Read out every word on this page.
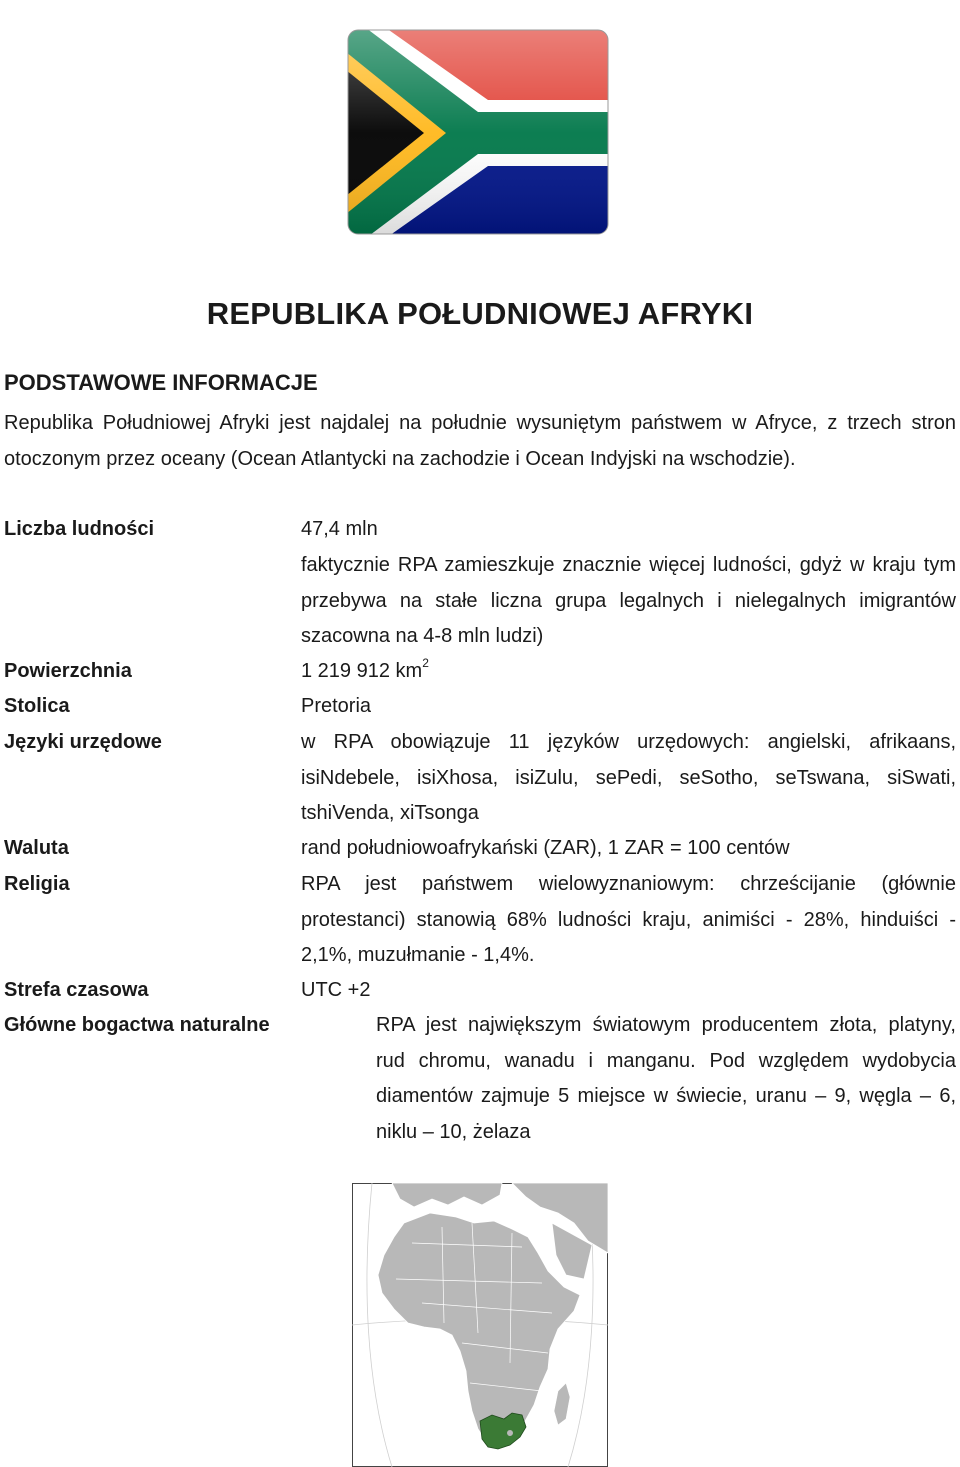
REPUBLIKA POŁUDNIOWEJ AFRYKI
PODSTAWOWE INFORMACJE
Republika Południowej Afryki jest najdalej na południe wysuniętym państwem w Afryce, z trzech stron otoczonym przez oceany (Ocean Atlantycki na zachodzie i Ocean Indyjski na wschodzie).
Liczba ludności	47,4 mln
faktycznie RPA zamieszkuje znacznie więcej ludności, gdyż w kraju tym przebywa na stałe liczna grupa legalnych i nielegalnych imigrantów szacowna na 4-8 mln ludzi)
Powierzchnia	1 219 912 $km^2$
Stolica	Pretoria
Języki urzędowe	w RPA obowiązuje 11 języków urzędowych: angielski, afrikaans, isiNdebele, isiXhosa, isiZulu, sePedi, seSotho, seTswana, siSwati, tshiVenda, xiTsonga
Waluta	rand południowoafrykański (ZAR), 1 ZAR = 100 centów
Religia	RPA jest państwem wielowyznaniowym: chrześcijanie (głównie protestanci) stanowią 68% ludności kraju, animiści - 28%, hinduiści - 2,1%, muzułmanie - 1,4%.
Strefa czasowa	UTC +2
Główne bogactwa naturalne	RPA jest największym światowym producentem złota, platyny, rud chromu, wanadu i manganu. Pod względem wydobycia diamentów zajmuje 5 miejsce w świecie, uranu – 9, węgla – 6, niklu – 10, żelaza
